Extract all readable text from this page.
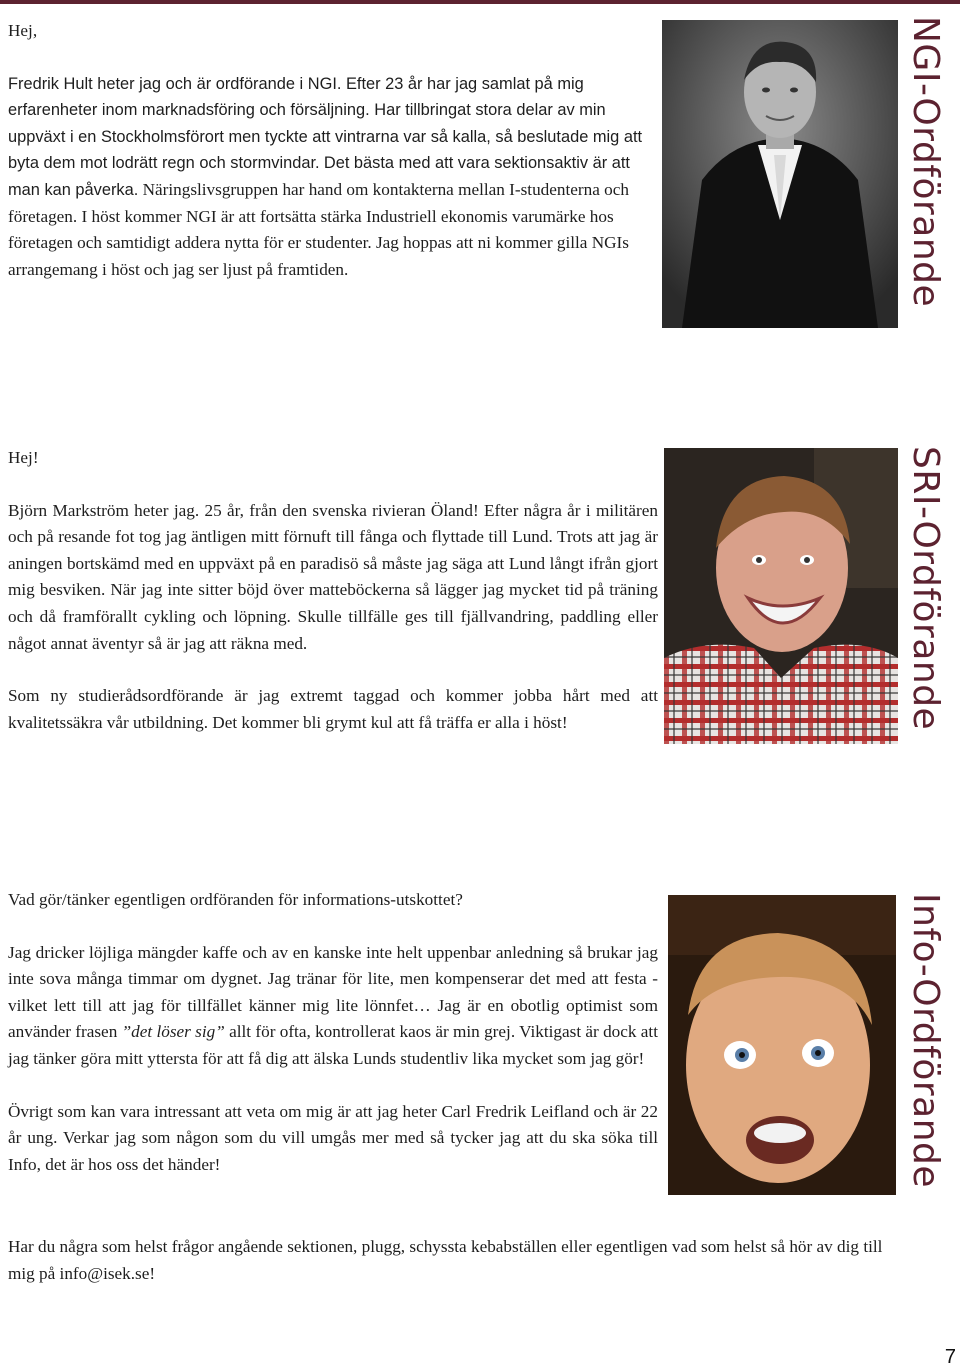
Hej,

Fredrik Hult heter jag och är ordförande i NGI. Efter 23 år har jag samlat på mig erfarenheter inom marknadsföring och försäljning. Har tillbringat stora delar av min uppväxt i en Stockholmsförort men tyckte att vintrarna var så kalla, så beslutade mig att byta dem mot lodrätt regn och stormvindar. Det bästa med att vara sektionsaktiv är att man kan påverka. Näringslivsgruppen har hand om kontakterna mellan I-studenterna och företagen. I höst kommer NGI är att fortsätta stärka Industriell ekonomis varumärke hos företagen och samtidigt addera nytta för er studenter. Jag hoppas att ni kommer gilla NGIs arrangemang i höst och jag ser ljust på framtiden.	NGI-Ordförande

Hej!

Björn Markström heter jag. 25 år, från den svenska rivieran Öland! Efter några år i militären och på resande fot tog jag äntligen mitt förnuft till fånga och flyttade till Lund. Trots att jag är aningen bortskämd med en uppväxt på en paradisö så måste jag säga att Lund långt ifrån gjort mig besviken. När jag inte sitter böjd över matteböckerna så lägger jag mycket tid på träning och då framförallt cykling och löpning. Skulle tillfälle ges till fjällvandring, paddling eller något annat äventyr så är jag att räkna med.

Som ny studierådsordförande är jag extremt taggad och kommer jobba hårt med att kvalitetssäkra vår utbildning. Det kommer bli grymt kul att få träffa er alla i höst!	SRI-Ordförande

Vad gör/tänker egentligen ordföranden för informations-utskottet?

Jag dricker löjliga mängder kaffe och av en kanske inte helt uppenbar anledning så brukar jag inte sova många timmar om dygnet. Jag tränar för lite, men kompenserar det med att festa - vilket lett till att jag för tillfället känner mig lite lönnfet… Jag är en obotlig optimist som använder frasen ”det löser sig” allt för ofta, kontrollerat kaos är min grej. Viktigast är dock att jag tänker göra mitt yttersta för att få dig att älska Lunds studentliv lika mycket som jag gör!

Övrigt som kan vara intressant att veta om mig är att jag heter Carl Fredrik Leifland och är 22 år ung. Verkar jag som någon som du vill umgås mer med så tycker jag att du ska söka till Info, det är hos oss det händer!	Info-Ordförande

Har du några som helst frågor angående sektionen, plugg, schyssta kebabställen eller egentligen vad som helst så hör av dig till mig på info@isek.se!

7
